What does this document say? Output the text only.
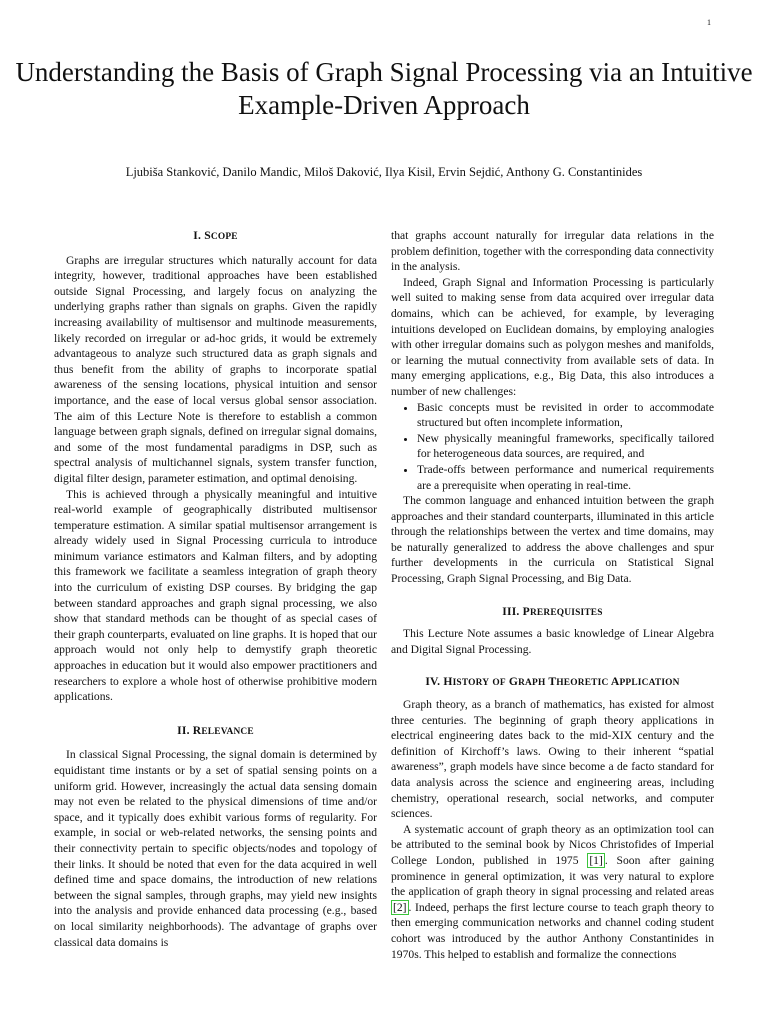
1
Understanding the Basis of Graph Signal Processing via an Intuitive Example-Driven Approach
Ljubiša Stanković, Danilo Mandic, Miloš Daković, Ilya Kisil, Ervin Sejdić, Anthony G. Constantinides
I. SCOPE

Graphs are irregular structures which naturally account for data integrity, however, traditional approaches have been established outside Signal Processing, and largely focus on analyzing the underlying graphs rather than signals on graphs. Given the rapidly increasing availability of multisensor and multinode measurements, likely recorded on irregular or ad-hoc grids, it would be extremely advantageous to analyze such structured data as graph signals and thus benefit from the ability of graphs to incorporate spatial awareness of the sensing locations, physical intuition and sensor importance, and the ease of local versus global sensor association. The aim of this Lecture Note is therefore to establish a common language between graph signals, defined on irregular signal domains, and some of the most fundamental paradigms in DSP, such as spectral analysis of multichannel signals, system transfer function, digital filter design, parameter estimation, and optimal denoising.

This is achieved through a physically meaningful and intuitive real-world example of geographically distributed multisensor temperature estimation. A similar spatial multisensor arrangement is already widely used in Signal Processing curricula to introduce minimum variance estimators and Kalman filters, and by adopting this framework we facilitate a seamless integration of graph theory into the curriculum of existing DSP courses. By bridging the gap between standard approaches and graph signal processing, we also show that standard methods can be thought of as special cases of their graph counterparts, evaluated on line graphs. It is hoped that our approach would not only help to demystify graph theoretic approaches in education but it would also empower practitioners and researchers to explore a whole host of otherwise prohibitive modern applications.

II. RELEVANCE

In classical Signal Processing, the signal domain is determined by equidistant time instants or by a set of spatial sensing points on a uniform grid. However, increasingly the actual data sensing domain may not even be related to the physical dimensions of time and/or space, and it typically does exhibit various forms of regularity. For example, in social or web-related networks, the sensing points and their connectivity pertain to specific objects/nodes and topology of their links. It should be noted that even for the data acquired in well defined time and space domains, the introduction of new relations between the signal samples, through graphs, may yield new insights into the analysis and provide enhanced data processing (e.g., based on local similarity neighborhoods). The advantage of graphs over classical data domains is

that graphs account naturally for irregular data relations in the problem definition, together with the corresponding data connectivity in the analysis.

Indeed, Graph Signal and Information Processing is particularly well suited to making sense from data acquired over irregular data domains, which can be achieved, for example, by leveraging intuitions developed on Euclidean domains, by employing analogies with other irregular domains such as polygon meshes and manifolds, or learning the mutual connectivity from available sets of data. In many emerging applications, e.g., Big Data, this also introduces a number of new challenges:

• Basic concepts must be revisited in order to accommodate structured but often incomplete information,
• New physically meaningful frameworks, specifically tailored for heterogeneous data sources, are required, and
• Trade-offs between performance and numerical requirements are a prerequisite when operating in real-time.

The common language and enhanced intuition between the graph approaches and their standard counterparts, illuminated in this article through the relationships between the vertex and time domains, may be naturally generalized to address the above challenges and spur further developments in the curricula on Statistical Signal Processing, Graph Signal Processing, and Big Data.

III. PREREQUISITES

This Lecture Note assumes a basic knowledge of Linear Algebra and Digital Signal Processing.

IV. HISTORY OF GRAPH THEORETIC APPLICATION

Graph theory, as a branch of mathematics, has existed for almost three centuries. The beginning of graph theory applications in electrical engineering dates back to the mid-XIX century and the definition of Kirchoff’s laws. Owing to their inherent “spatial awareness”, graph models have since become a de facto standard for data analysis across the science and engineering areas, including chemistry, operational research, social networks, and computer sciences.

A systematic account of graph theory as an optimization tool can be attributed to the seminal book by Nicos Christofides of Imperial College London, published in 1975 [1] . Soon after gaining prominence in general optimization, it was very natural to explore the application of graph theory in signal processing and related areas [2] . Indeed, perhaps the first lecture course to teach graph theory to then emerging communication networks and channel coding student cohort was introduced by the author Anthony Constantinides in 1970s. This helped to establish and formalize the connections
